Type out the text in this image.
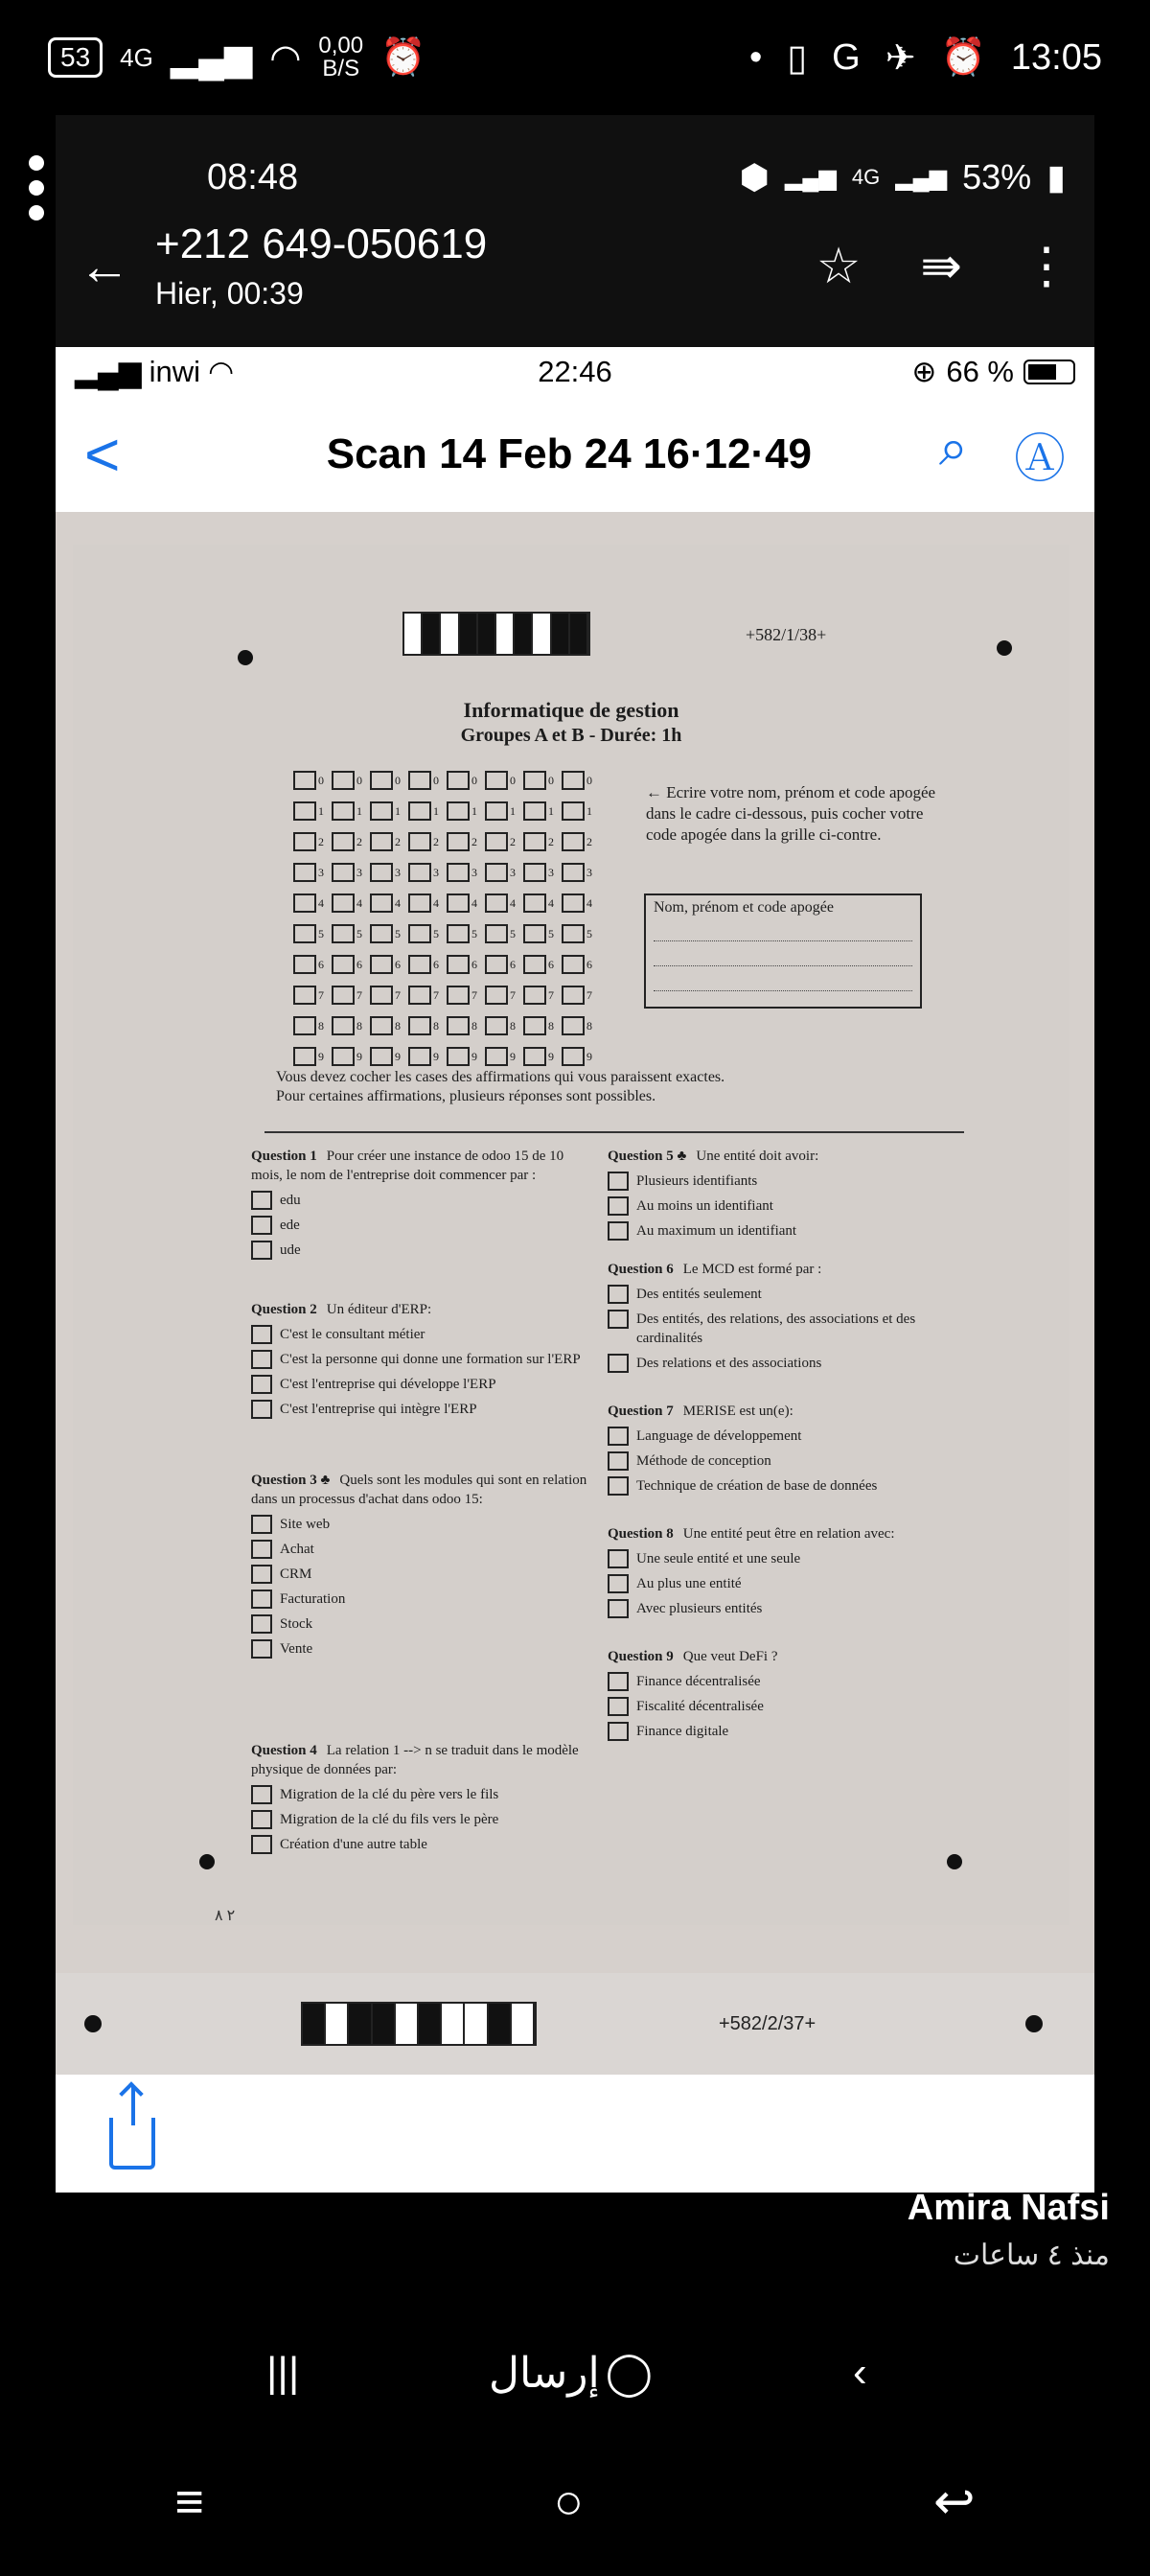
53	4G ▂▄▆ ◠ 0,00
B/S ⏰	• ▯ G ✈ ⏰ 13:05
08:48	⬢ ▂▄▆ 4G ▂▄▆ 53% ▮
← +212 649-050619
Hier, 00:39	☆ ⇛ ⋮
▂▄▆ inwi ◠	22:46	⊕ 66 %
<	Scan 14 Feb 24 16·12·49	⌕ Ⓐ
+582/1/38+
Informatique de gestion
Groupes A et B - Durée: 1h
0	0	0	0	0	0	0	0
1	1	1	1	1	1	1	1
2	2	2	2	2	2	2	2
3	3	3	3	3	3	3	3
4	4	4	4	4	4	4	4
5	5	5	5	5	5	5	5
6	6	6	6	6	6	6	6
7	7	7	7	7	7	7	7
8	8	8	8	8	8	8	8
9	9	9	9	9	9	9	9
← Ecrire votre nom, prénom et code apogée dans le cadre ci-dessous, puis cocher votre code apogée dans la grille ci-contre.
Nom, prénom et code apogée
Vous devez cocher les cases des affirmations qui vous paraissent exactes.
Pour certaines affirmations, plusieurs réponses sont possibles.
Question 1 Pour créer une instance de odoo 15 de 10 mois, le nom de l'entreprise doit commencer par :
edu
ede
ude
Question 2 Un éditeur d'ERP:
C'est le consultant métier
C'est la personne qui donne une formation sur l'ERP
C'est l'entreprise qui développe l'ERP
C'est l'entreprise qui intègre l'ERP
Question 3 ♣ Quels sont les modules qui sont en relation dans un processus d'achat dans odoo 15:
Site web
Achat
CRM
Facturation
Stock
Vente
Question 4 La relation 1 --> n se traduit dans le modèle physique de données par:
Migration de la clé du père vers le fils
Migration de la clé du fils vers le père
Création d'une autre table
Question 5 ♣ Une entité doit avoir:
Plusieurs identifiants
Au moins un identifiant
Au maximum un identifiant
Question 6 Le MCD est formé par :
Des entités seulement
Des entités, des relations, des associations et des cardinalités
Des relations et des associations
Question 7 MERISE est un(e):
Language de développement
Méthode de conception
Technique de création de base de données
Question 8 Une entité peut être en relation avec:
Une seule entité et une seule
Au plus une entité
Avec plusieurs entités
Question 9 Que veut DeFi ?
Finance décentralisée
Fiscalité décentralisée
Finance digitale
٢ ٨
+582/2/37+
Amira Nafsi
منذ ٤ ساعات
|||	إرسال ◯	‹
≡	○	↩
